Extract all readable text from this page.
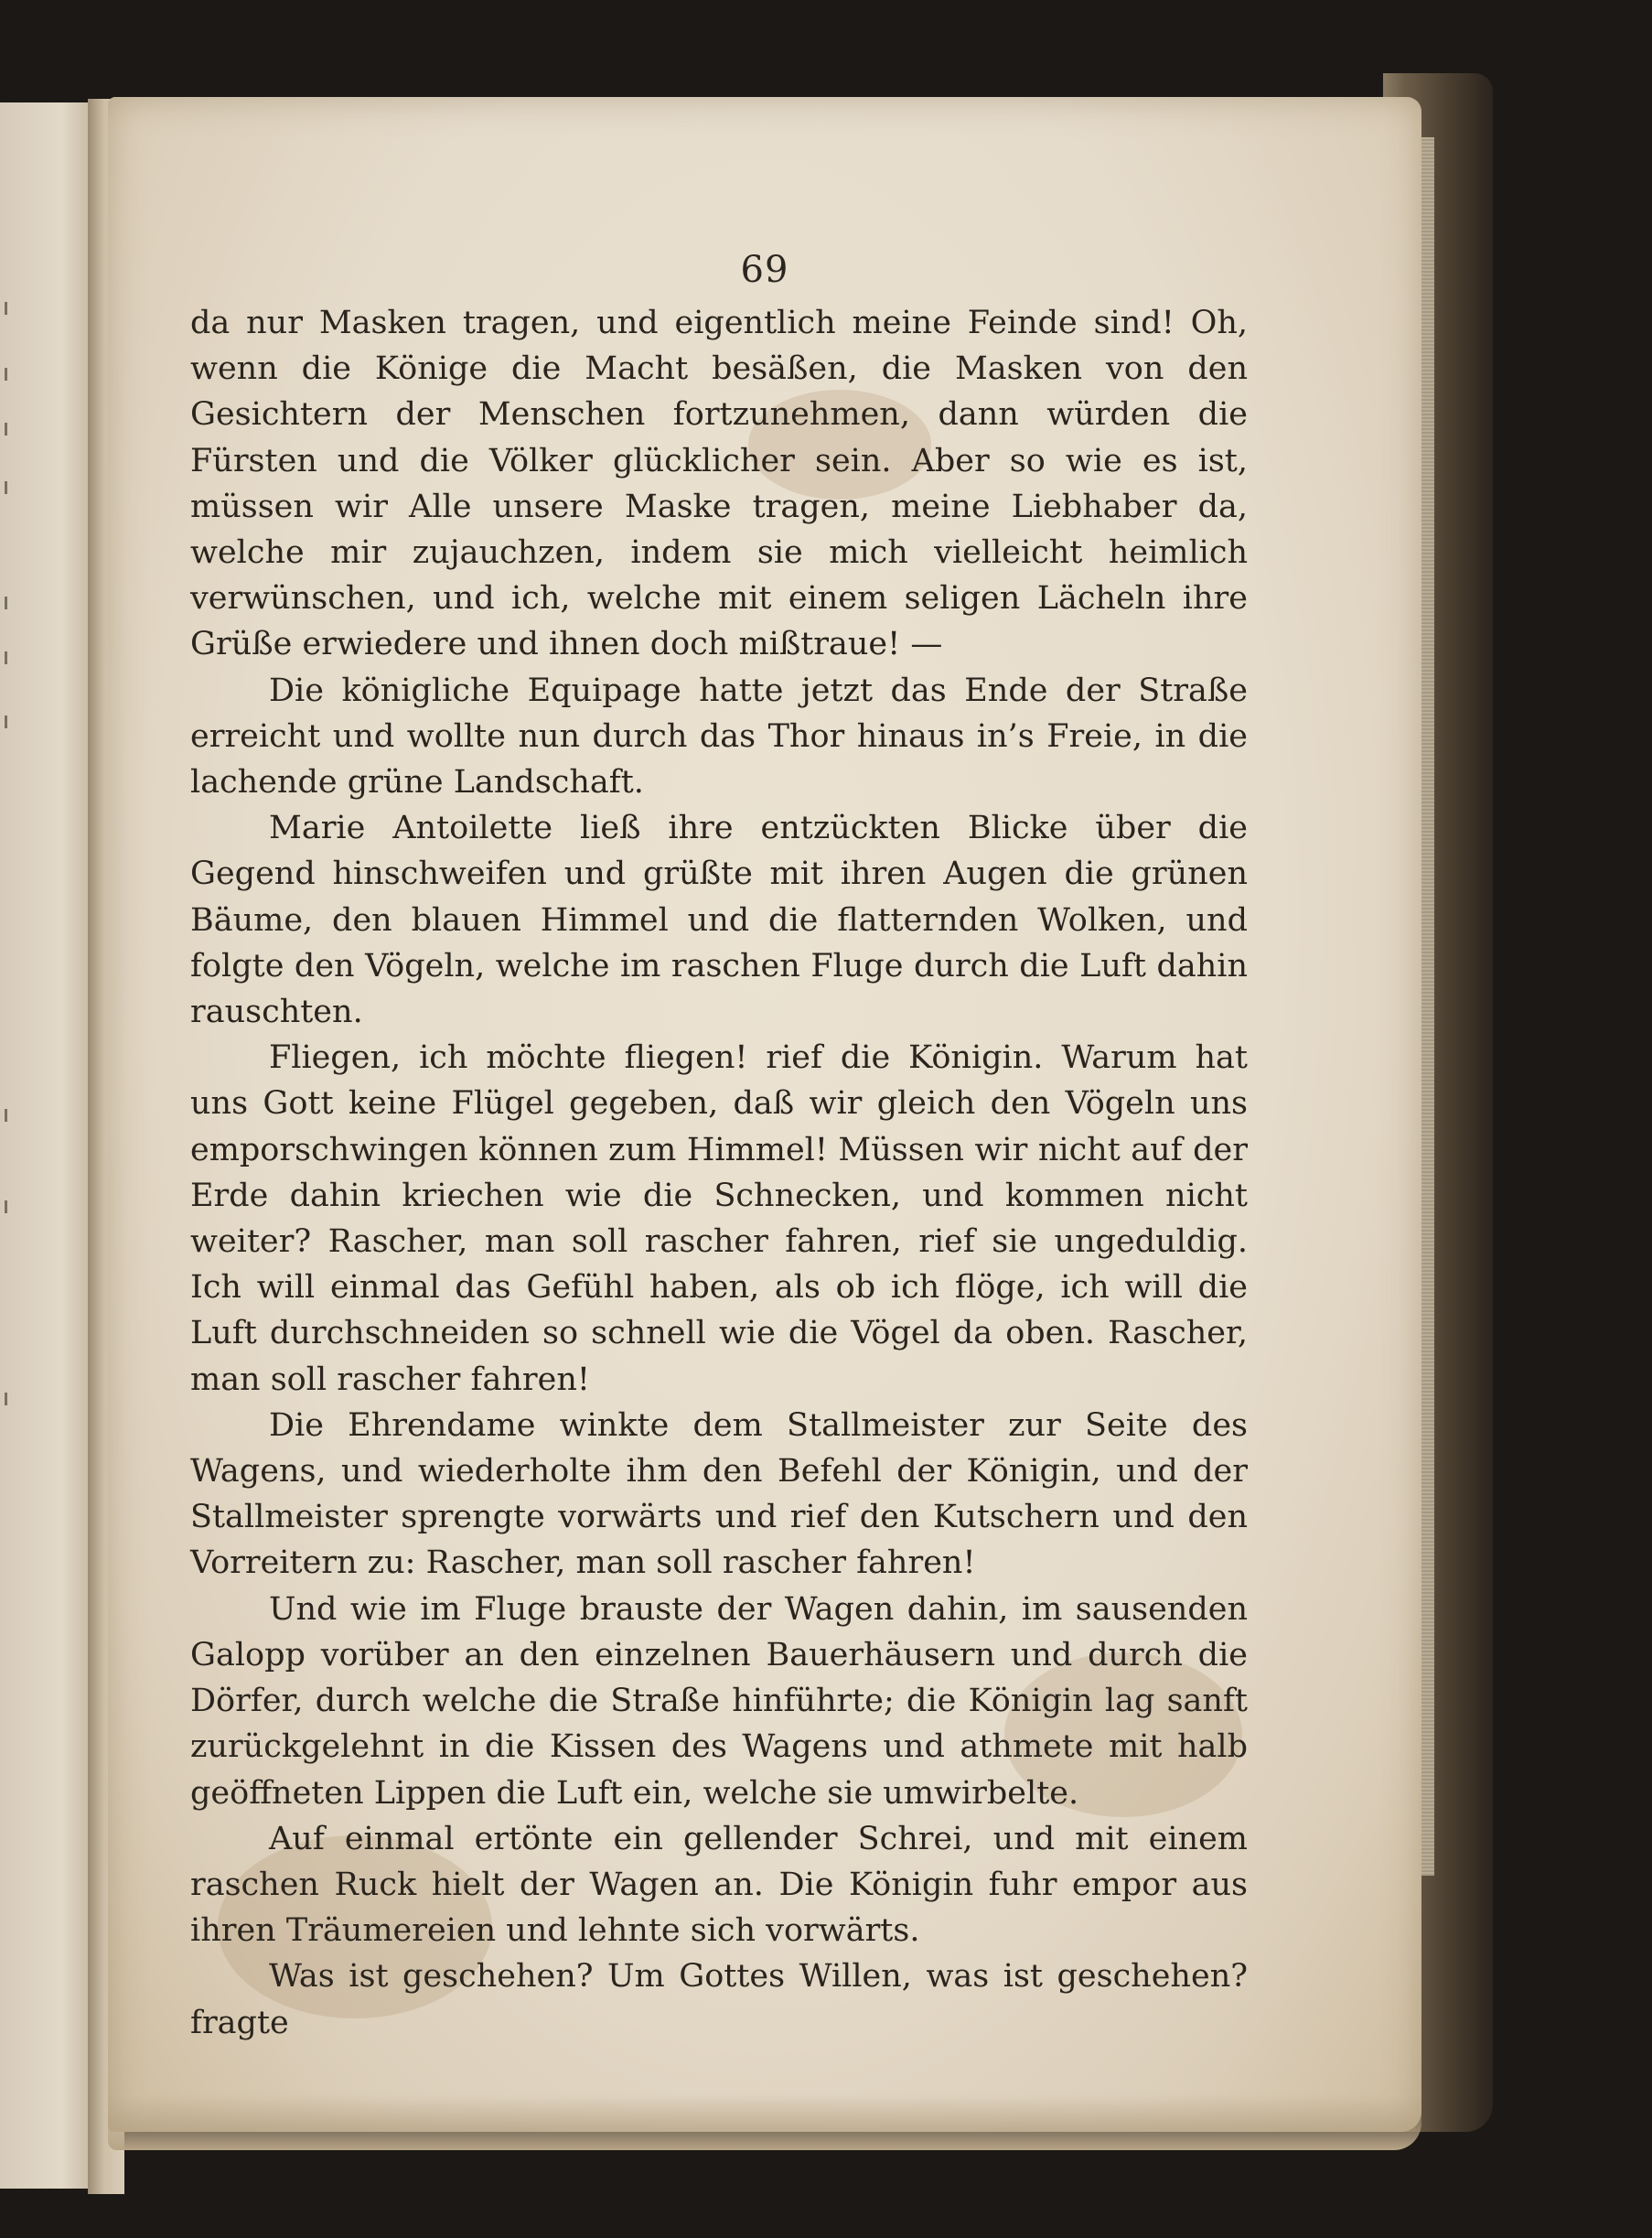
69

da nur Masken tragen, und eigentlich meine Feinde sind! Oh, wenn die Könige die Macht besäßen, die Masken von den Gesichtern der Menschen fortzunehmen, dann würden die Fürsten und die Völker glücklicher sein. Aber so wie es ist, müssen wir Alle unsere Maske tragen, meine Liebhaber da, welche mir zujauchzen, indem sie mich vielleicht heimlich verwünschen, und ich, welche mit einem seligen Lächeln ihre Grüße erwiedere und ihnen doch mißtraue! —

Die königliche Equipage hatte jetzt das Ende der Straße erreicht und wollte nun durch das Thor hinaus in’s Freie, in die lachende grüne Landschaft.

Marie Antoilette ließ ihre entzückten Blicke über die Gegend hinschweifen und grüßte mit ihren Augen die grünen Bäume, den blauen Himmel und die flatternden Wolken, und folgte den Vögeln, welche im raschen Fluge durch die Luft dahin rauschten.

Fliegen, ich möchte fliegen! rief die Königin. Warum hat uns Gott keine Flügel gegeben, daß wir gleich den Vögeln uns emporschwingen können zum Himmel! Müssen wir nicht auf der Erde dahin kriechen wie die Schnecken, und kommen nicht weiter? Rascher, man soll rascher fahren, rief sie ungeduldig. Ich will einmal das Gefühl haben, als ob ich flöge, ich will die Luft durchschneiden so schnell wie die Vögel da oben. Rascher, man soll rascher fahren!

Die Ehrendame winkte dem Stallmeister zur Seite des Wagens, und wiederholte ihm den Befehl der Königin, und der Stallmeister sprengte vorwärts und rief den Kutschern und den Vorreitern zu: Rascher, man soll rascher fahren!

Und wie im Fluge brauste der Wagen dahin, im sausenden Galopp vorüber an den einzelnen Bauerhäusern und durch die Dörfer, durch welche die Straße hinführte; die Königin lag sanft zurückgelehnt in die Kissen des Wagens und athmete mit halb geöffneten Lippen die Luft ein, welche sie umwirbelte.

Auf einmal ertönte ein gellender Schrei, und mit einem raschen Ruck hielt der Wagen an. Die Königin fuhr empor aus ihren Träumereien und lehnte sich vorwärts.

Was ist geschehen? Um Gottes Willen, was ist geschehen? fragte
